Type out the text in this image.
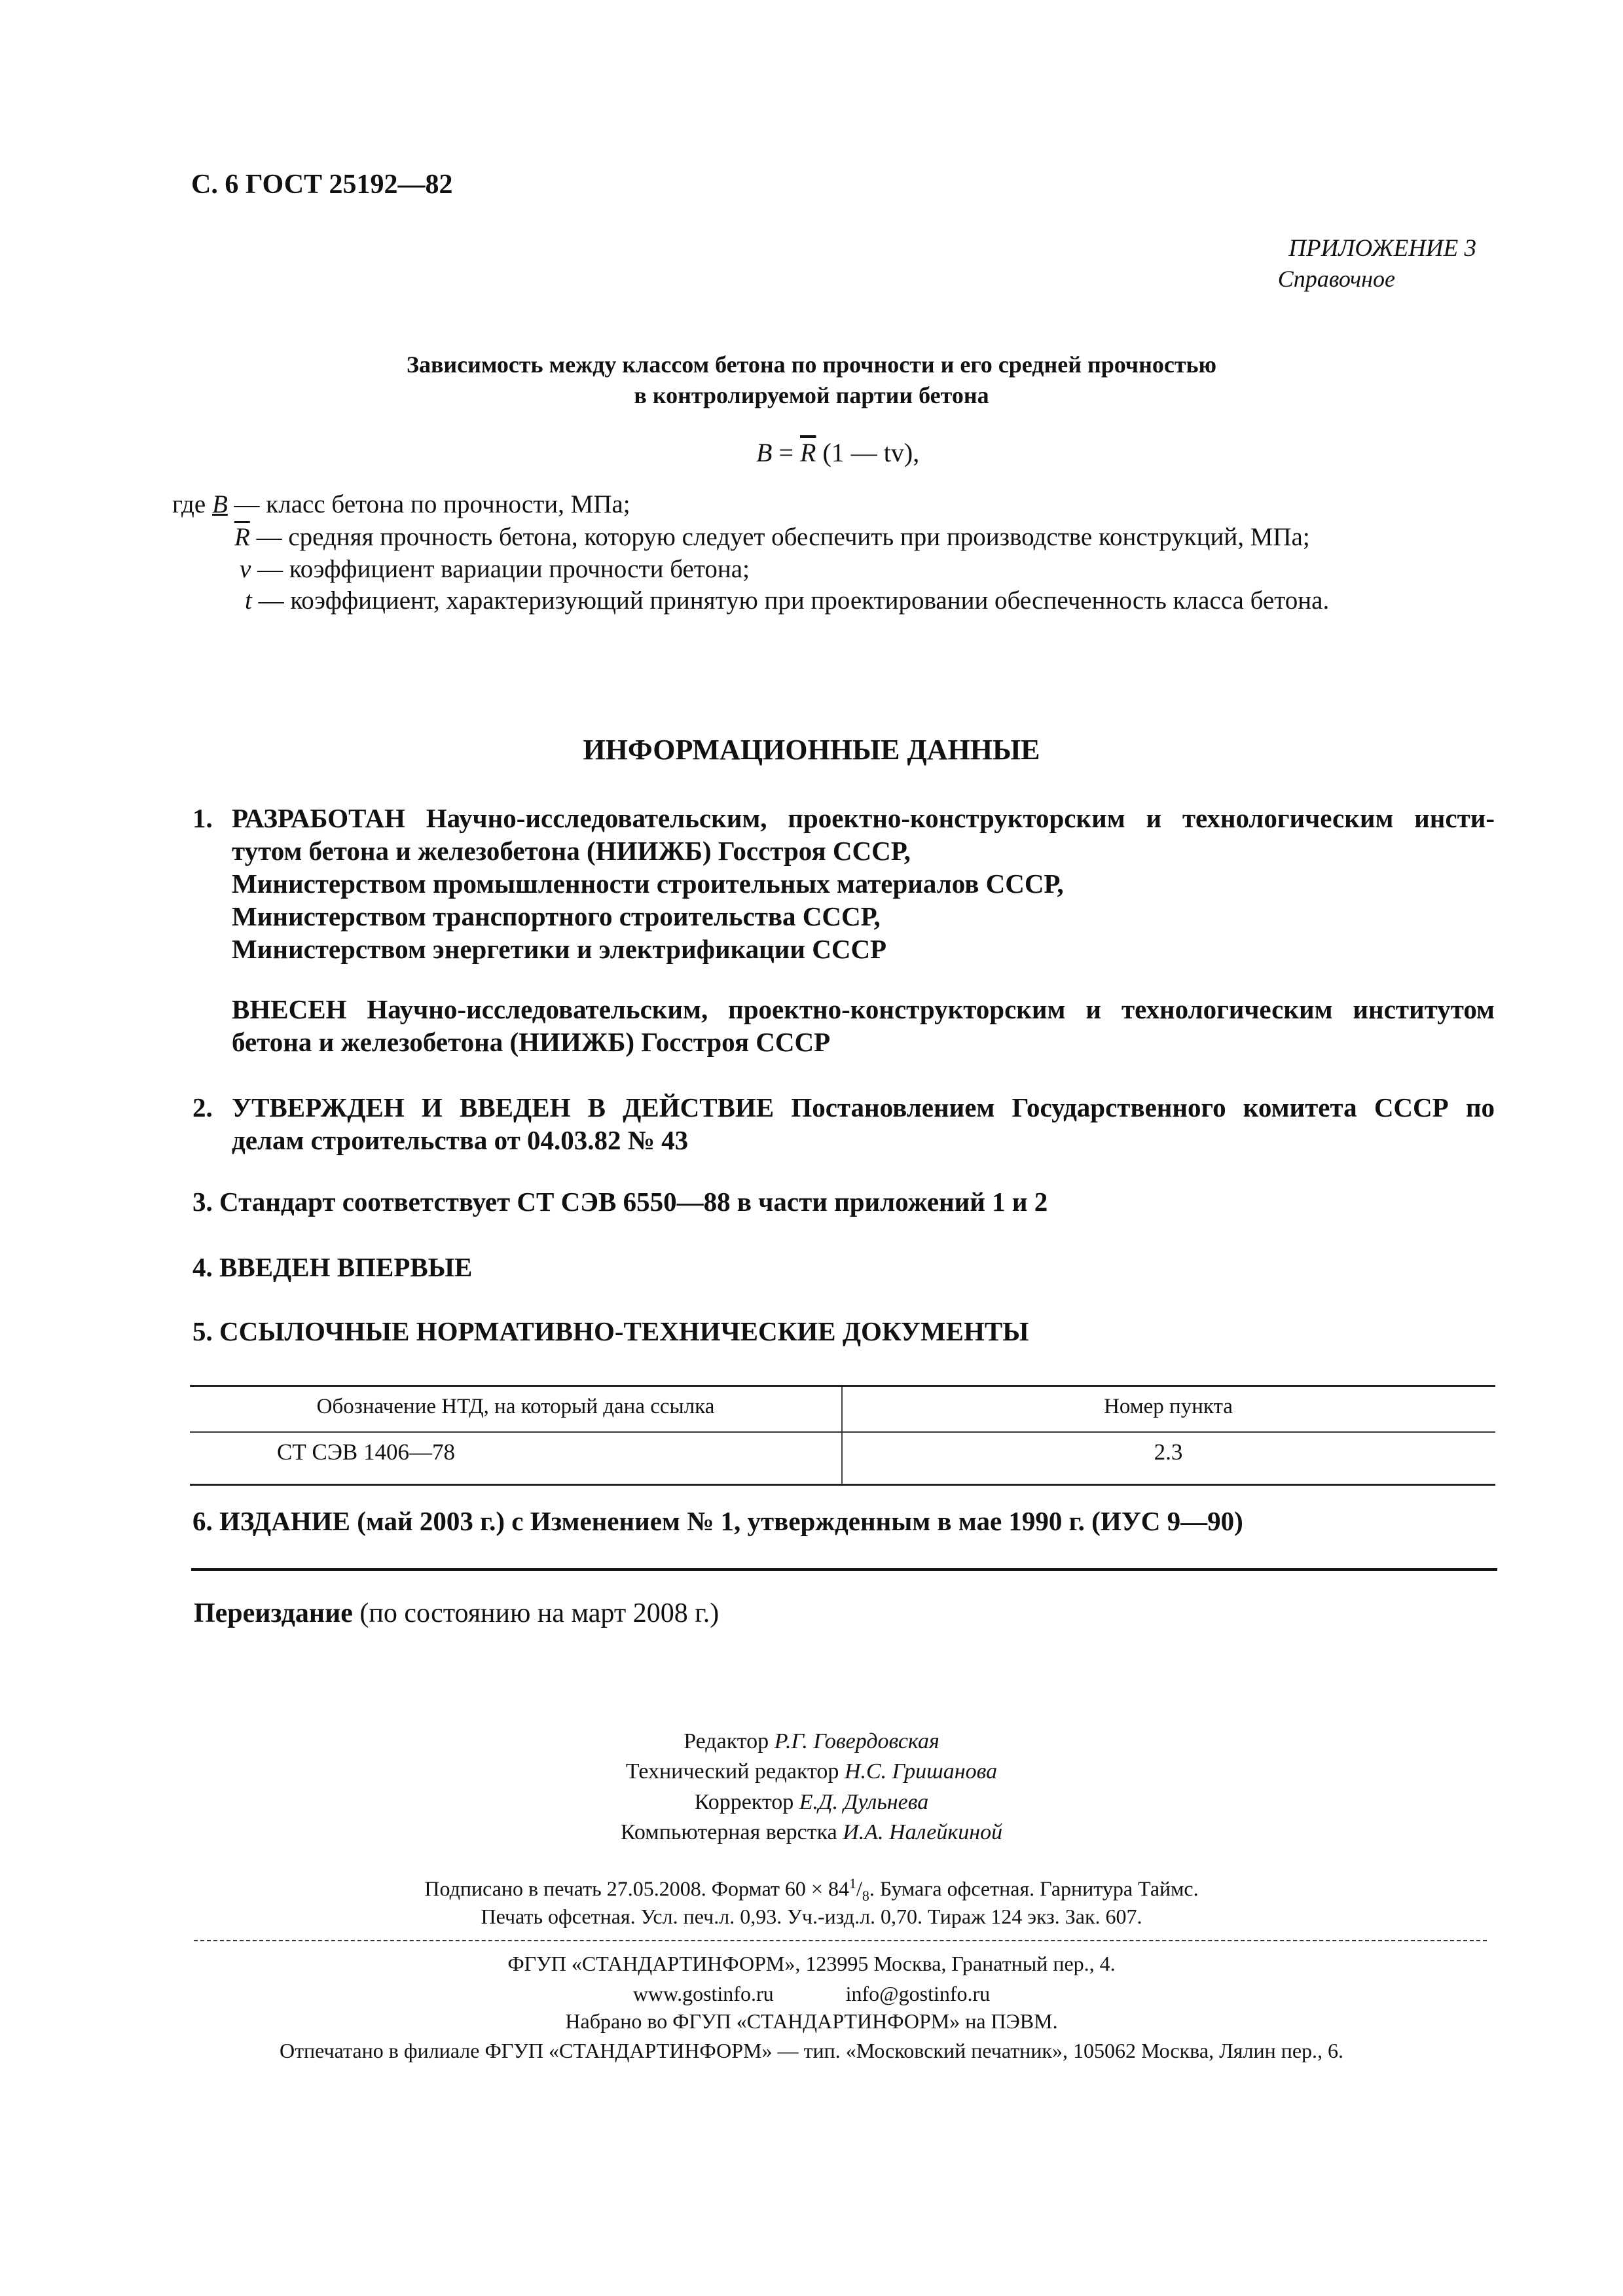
С. 6 ГОСТ 25192—82
ПРИЛОЖЕНИЕ 3
Справочное
Зависимость между классом бетона по прочности и его средней прочностью
в контролируемой партии бетона
$B = \overline{R}$ (1 — tv),
где B — класс бетона по прочности, МПа;
$\overline{R}$ — средняя прочность бетона, которую следует обеспечить при производстве конструкций, МПа;
v — коэффициент вариации прочности бетона;
t — коэффициент, характеризующий принятую при проектировании обеспеченность класса бетона.
ИНФОРМАЦИОННЫЕ ДАННЫЕ
1. РАЗРАБОТАН Научно-исследовательским, проектно-конструкторским и технологическим инсти-
тутом бетона и железобетона (НИИЖБ) Госстроя СССР,
Министерством промышленности строительных материалов СССР,
Министерством транспортного строительства СССР,
Министерством энергетики и электрификации СССР
ВНЕСЕН Научно-исследовательским, проектно-конструкторским и технологическим институтом
бетона и железобетона (НИИЖБ) Госстроя СССР
2. УТВЕРЖДЕН И ВВЕДЕН В ДЕЙСТВИЕ Постановлением Государственного комитета СССР по
делам строительства от 04.03.82 № 43
3. Стандарт соответствует СТ СЭВ 6550—88 в части приложений 1 и 2
4. ВВЕДЕН ВПЕРВЫЕ
5. ССЫЛОЧНЫЕ НОРМАТИВНО-ТЕХНИЧЕСКИЕ ДОКУМЕНТЫ
Обозначение НТД, на который дана ссылка	Номер пункта
СТ СЭВ 1406—78	2.3
6. ИЗДАНИЕ (май 2003 г.) с Изменением № 1, утвержденным в мае 1990 г. (ИУС 9—90)
Переиздание (по состоянию на март 2008 г.)
Редактор Р.Г. Говердовская
Технический редактор Н.С. Гришанова
Корректор Е.Д. Дульнева
Компьютерная верстка И.А. Налейкиной
Подписано в печать 27.05.2008. Формат $60 \times 84^1/_8$. Бумага офсетная. Гарнитура Таймс.
Печать офсетная. Усл. печ.л. 0,93. Уч.-изд.л. 0,70. Тираж 124 экз. Зак. 607.
ФГУП «СТАНДАРТИНФОРМ», 123995 Москва, Гранатный пер., 4.
www.gostinfo.ru	info@gostinfo.ru
Набрано во ФГУП «СТАНДАРТИНФОРМ» на ПЭВМ.
Отпечатано в филиале ФГУП «СТАНДАРТИНФОРМ» — тип. «Московский печатник», 105062 Москва, Лялин пер., 6.
